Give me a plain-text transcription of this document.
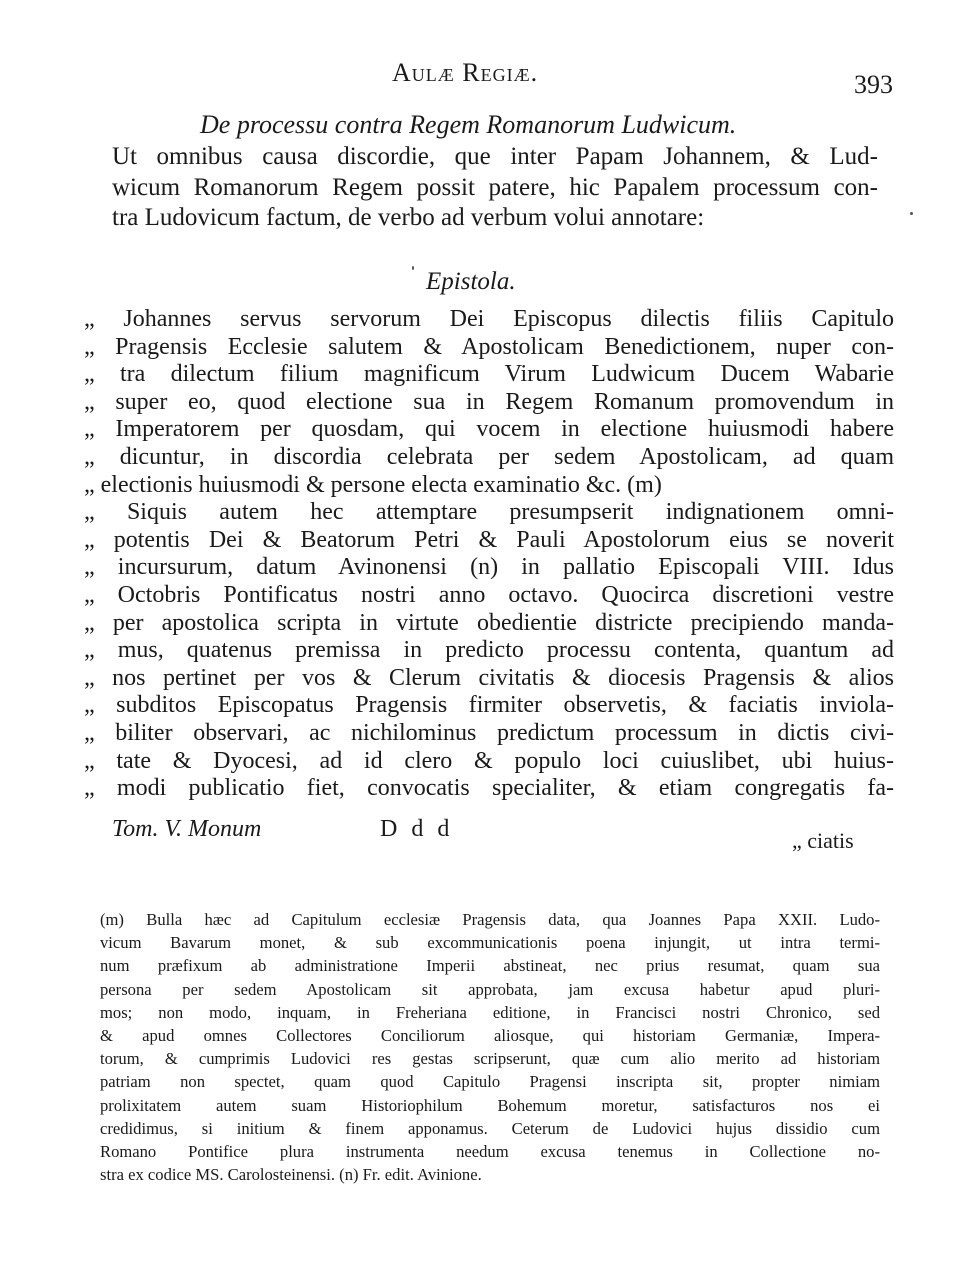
Aulæ Regiæ.	393
De processu contra Regem Romanorum Ludwicum.
Ut omnibus causa discordie, que inter Papam Johannem, & Lud-
wicum Romanorum Regem possit patere, hic Papalem processum con-
tra Ludovicum factum, de verbo ad verbum volui annotare:
Epistola.
„ Johannes servus servorum Dei Episcopus dilectis filiis Capitulo
„ Pragensis Ecclesie salutem & Apostolicam Benedictionem, nuper con-
„ tra dilectum filium magnificum Virum Ludwicum Ducem Wabarie
„ super eo, quod electione sua in Regem Romanum promovendum in
„ Imperatorem per quosdam, qui vocem in electione huiusmodi habere
„ dicuntur, in discordia celebrata per sedem Apostolicam, ad quam
„ electionis huiusmodi & persone electa examinatio &c. (m)
„ Siquis autem hec attemptare presumpserit indignationem omni-
„ potentis Dei & Beatorum Petri & Pauli Apostolorum eius se noverit
„ incursurum, datum Avinonensi (n) in pallatio Episcopali VIII. Idus
„ Octobris Pontificatus nostri anno octavo. Quocirca discretioni vestre
„ per apostolica scripta in virtute obedientie districte precipiendo manda-
„ mus, quatenus premissa in predicto processu contenta, quantum ad
„ nos pertinet per vos & Clerum civitatis & diocesis Pragensis & alios
„ subditos Episcopatus Pragensis firmiter observetis, & faciatis inviola-
„ biliter observari, ac nichilominus predictum processum in dictis civi-
„ tate & Dyocesi, ad id clero & populo loci cuiuslibet, ubi huius-
„ modi publicatio fiet, convocatis specialiter, & etiam congregatis fa-
Tom. V. Monum	D d d	„ ciatis
(m) Bulla hæc ad Capitulum ecclesiæ Pragensis data, qua Joannes Papa XXII. Ludo-
vicum Bavarum monet, & sub excommunicationis poena injungit, ut intra termi-
num præfixum ab administratione Imperii abstineat, nec prius resumat, quam sua
persona per sedem Apostolicam sit approbata, jam excusa habetur apud pluri-
mos; non modo, inquam, in Freheriana editione, in Francisci nostri Chronico, sed
& apud omnes Collectores Conciliorum aliosque, qui historiam Germaniæ, Impera-
torum, & cumprimis Ludovici res gestas scripserunt, quæ cum alio merito ad historiam
patriam non spectet, quam quod Capitulo Pragensi inscripta sit, propter nimiam
prolixitatem autem suam Historiophilum Bohemum moretur, satisfacturos nos ei
credidimus, si initium & finem apponamus. Ceterum de Ludovici hujus dissidio cum
Romano Pontifice plura instrumenta needum excusa tenemus in Collectione no-
stra ex codice MS. Carolosteinensi. (n) Fr. edit. Avinione.
